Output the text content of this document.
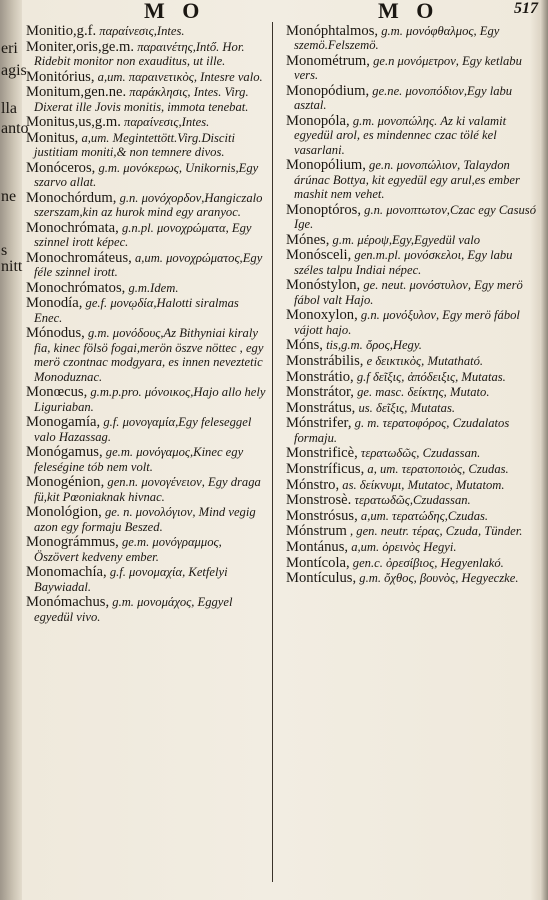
M O	M O	517

Monitio,g.f. παραίνεσις,Intes.

Moniter,oris,ge.m. παραινέτης,Intő. Hor. Ridebit monitor non exauditus, ut ille.

Monitórius, a,um. παραινετικὸς, Intesre valo.

Monitum,gen.ne. παράκλησις, Intes. Virg. Dixerat ille Jovis monitis, immota tenebat.

Monitus,us,g.m. παραίνεσις,Intes.

Monitus, a,um. Megintettött.Virg.Disciti justitiam moniti,& non temnere divos.

Monóceros, g.m. μονόκερως, Unikornis,Egy szarvo allat.

Monochórdum, g.n. μονόχορδον,Hangiczalo szerszam,kin az hurok mind egy aranyoc.

Monochrómata, g.n.pl. μονοχρώματα, Egy szinnel irott képec.

Monochromáteus, a,um. μονοχρώματος,Egy féle szinnel irott.

Monochrómatos, g.m.Idem.

Monodía, ge.f. μονῳδία,Halotti siralmas Enec.

Mónodus, g.m. μονόδους,Az Bithyniai kiraly fia, kinec fölsö fogai,merön öszve nöttec , egy merö czontnac modgyara, es innen neveztetic Monoduznac.

Monœcus, g.m.p.pro. μόνοικος,Hajo allo hely Liguriaban.

Monogamía, g.f. μονογαμία,Egy feleseggel valo Hazassag.

Monógamus, ge.m. μονόγαμος,Kinec egy feleségine tób nem volt.

Monogénion, gen.n. μονογένειον, Egy draga fü,kit Pœoniaknak hivnac.

Monológion, ge. n. μονολόγιον, Mind vegig azon egy formaju Beszed.

Monográmmus, ge.m. μονόγραμμος, Öszövert kedveny ember.

Monomachía, g.f. μονομαχία, Ketfelyi Baywiadal.

Monómachus, g.m. μονομάχος, Eggyel egyedül vivo.

Monóphtalmos, g.m. μονόφθαλμος, Egy szemö.Felszemö.

Monométrum, ge.n μονόμετρον, Egy ketlabu vers.

Monopódium, ge.ne. μονοπόδιον,Egy labu asztal.

Monopóla, g.m. μονοπώλης. Az ki valamit egyedül arol, es mindennec czac tölé kel vasarlani.

Monopólium, ge.n. μονοπώλιον, Talaydon árúnac Bottya, kit egyedül egy arul,es ember mashit nem vehet.

Monoptóros, g.n. μονοπτωτον,Czac egy Casusó Ige.

Mónes, g.m. μέροψ,Egy,Egyedül valo

Monósceli, gen.m.pl. μονόσκελοι, Egy labu széles talpu Indiai népec.

Monóstylon, ge. neut. μονόστυλον, Egy merö fábol valt Hajo.

Monoxylon, g.n. μονόξυλον, Egy merö fábol vájott hajo.

Móns, tis,g.m. ὄρος,Hegy.

Monstrábilis, e δεικτικὸς, Mutatható.

Monstrátio, g.f δεῖξις, ἀπόδειξις, Mutatas.

Monstrátor, ge. masc. δείκτης, Mutato.

Monstrátus, us. δεῖξις, Mutatas.

Mónstrifer, g. m. τερατοφόρος, Czudalatos formaju.

Monstrificè, τερατωδῶς, Czudassan.

Monstríficus, a, um. τερατοποιὸς, Czudas.

Mónstro, as. δείκνυμι, Mutatoc, Mutatom.

Monstrosè. τερατωδῶς,Czudassan.

Monstrósus, a,um. τερατώδης,Czudas.

Mónstrum , gen. neutr. τέρας, Czuda, Tünder.

Montánus, a,um. ὀρεινὸς Hegyi.

Montícola, gen.c. ὀρεσίβιος, Hegyenlakó.

Montículus, g.m. ὄχθος, βουνὸς, Hegyeczke.

eri
agis
lla
anto
ne
s
nitt
